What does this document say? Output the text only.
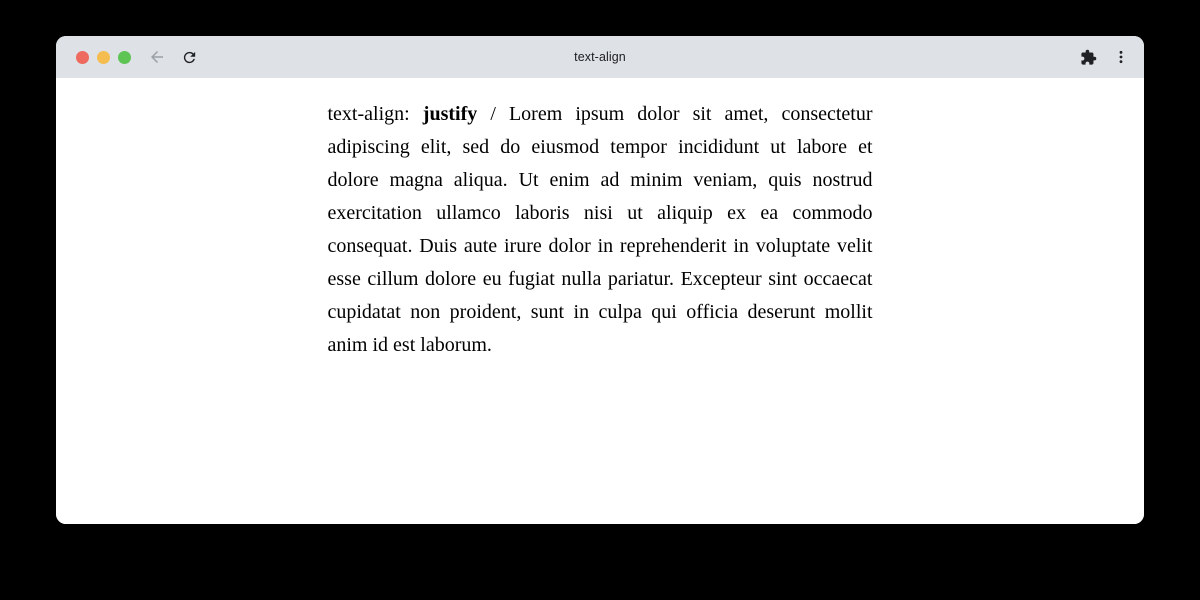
text-align

text-align: justify / Lorem ipsum dolor sit amet, consectetur adipiscing elit, sed do eiusmod tempor incididunt ut labore et dolore magna aliqua. Ut enim ad minim veniam, quis nostrud exercitation ullamco laboris nisi ut aliquip ex ea commodo consequat. Duis aute irure dolor in reprehenderit in voluptate velit esse cillum dolore eu fugiat nulla pariatur. Excepteur sint occaecat cupidatat non proident, sunt in culpa qui officia deserunt mollit anim id est laborum.
